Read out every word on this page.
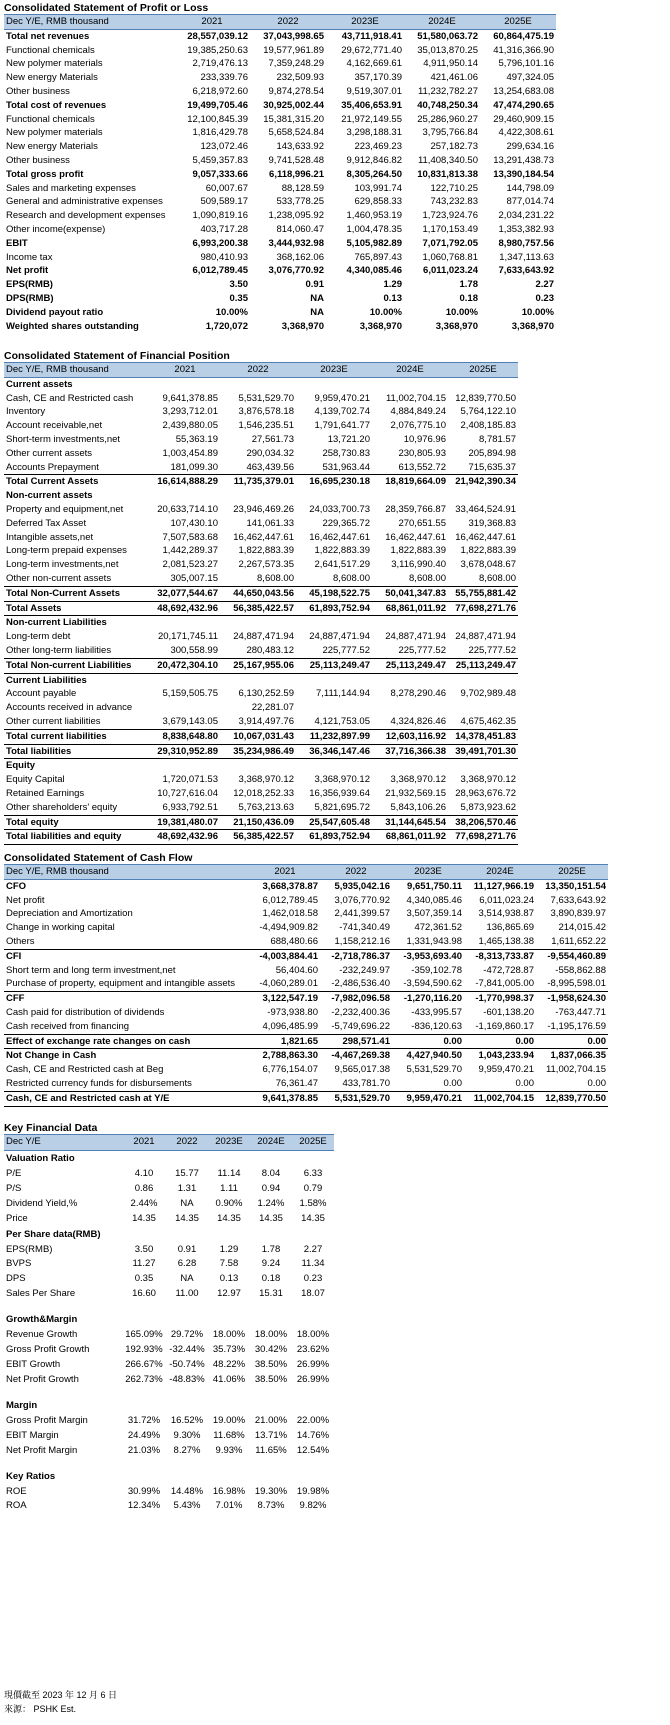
Consolidated Statement of Profit or Loss
Dec Y/E, RMB thousand	2021	2022	2023E	2024E	2025E
Total net revenues	28,557,039.12	37,043,998.65	43,711,918.41	51,580,063.72	60,864,475.19
Functional chemicals	19,385,250.63	19,577,961.89	29,672,771.40	35,013,870.25	41,316,366.90
New polymer materials	2,719,476.13	7,359,248.29	4,162,669.61	4,911,950.14	5,796,101.16
New energy Materials	233,339.76	232,509.93	357,170.39	421,461.06	497,324.05
Other business	6,218,972.60	9,874,278.54	9,519,307.01	11,232,782.27	13,254,683.08
Total cost of revenues	19,499,705.46	30,925,002.44	35,406,653.91	40,748,250.34	47,474,290.65
Functional chemicals	12,100,845.39	15,381,315.20	21,972,149.55	25,286,960.27	29,460,909.15
New polymer materials	1,816,429.78	5,658,524.84	3,298,188.31	3,795,766.84	4,422,308.61
New energy Materials	123,072.46	143,633.92	223,469.23	257,182.73	299,634.16
Other business	5,459,357.83	9,741,528.48	9,912,846.82	11,408,340.50	13,291,438.73
Total gross profit	9,057,333.66	6,118,996.21	8,305,264.50	10,831,813.38	13,390,184.54
Sales and marketing expenses	60,007.67	88,128.59	103,991.74	122,710.25	144,798.09
General and administrative expenses	509,589.17	533,778.25	629,858.33	743,232.83	877,014.74
Research and development expenses	1,090,819.16	1,238,095.92	1,460,953.19	1,723,924.76	2,034,231.22
Other income(expense)	403,717.28	814,060.47	1,004,478.35	1,170,153.49	1,353,382.93
EBIT	6,993,200.38	3,444,932.98	5,105,982.89	7,071,792.05	8,980,757.56
Income tax	980,410.93	368,162.06	765,897.43	1,060,768.81	1,347,113.63
Net profit	6,012,789.45	3,076,770.92	4,340,085.46	6,011,023.24	7,633,643.92
EPS(RMB)	3.50	0.91	1.29	1.78	2.27
DPS(RMB)	0.35	NA	0.13	0.18	0.23
Dividend payout ratio	10.00%	NA	10.00%	10.00%	10.00%
Weighted shares outstanding	1,720,072	3,368,970	3,368,970	3,368,970	3,368,970
Consolidated Statement of Financial Position
Dec Y/E, RMB thousand	2021	2022	2023E	2024E	2025E
Current assets					
Cash, CE and Restricted cash	9,641,378.85	5,531,529.70	9,959,470.21	11,002,704.15	12,839,770.50
Inventory	3,293,712.01	3,876,578.18	4,139,702.74	4,884,849.24	5,764,122.10
Account receivable,net	2,439,880.05	1,546,235.51	1,791,641.77	2,076,775.10	2,408,185.83
Short-term investments,net	55,363.19	27,561.73	13,721.20	10,976.96	8,781.57
Other current assets	1,003,454.89	290,034.32	258,730.83	230,805.93	205,894.98
Accounts Prepayment	181,099.30	463,439.56	531,963.44	613,552.72	715,635.37
Total Current Assets	16,614,888.29	11,735,379.01	16,695,230.18	18,819,664.09	21,942,390.34
Non-current assets					
Property and equipment,net	20,633,714.10	23,946,469.26	24,033,700.73	28,359,766.87	33,464,524.91
Deferred Tax Asset	107,430.10	141,061.33	229,365.72	270,651.55	319,368.83
Intangible assets,net	7,507,583.68	16,462,447.61	16,462,447.61	16,462,447.61	16,462,447.61
Long-term prepaid expenses	1,442,289.37	1,822,883.39	1,822,883.39	1,822,883.39	1,822,883.39
Long-term investments,net	2,081,523.27	2,267,573.35	2,641,517.29	3,116,990.40	3,678,048.67
Other non-current assets	305,007.15	8,608.00	8,608.00	8,608.00	8,608.00
Total Non-Current Assets	32,077,544.67	44,650,043.56	45,198,522.75	50,041,347.83	55,755,881.42
Total Assets	48,692,432.96	56,385,422.57	61,893,752.94	68,861,011.92	77,698,271.76
Non-current Liabilities					
Long-term debt	20,171,745.11	24,887,471.94	24,887,471.94	24,887,471.94	24,887,471.94
Other long-term liabilities	300,558.99	280,483.12	225,777.52	225,777.52	225,777.52
Total Non-current Liabilities	20,472,304.10	25,167,955.06	25,113,249.47	25,113,249.47	25,113,249.47
Current Liabilities					
Account payable	5,159,505.75	6,130,252.59	7,111,144.94	8,278,290.46	9,702,989.48
Accounts received in advance		22,281.07			
Other current liabilities	3,679,143.05	3,914,497.76	4,121,753.05	4,324,826.46	4,675,462.35
Total current liabilities	8,838,648.80	10,067,031.43	11,232,897.99	12,603,116.92	14,378,451.83
Total liabilities	29,310,952.89	35,234,986.49	36,346,147.46	37,716,366.38	39,491,701.30
Equity					
Equity Capital	1,720,071.53	3,368,970.12	3,368,970.12	3,368,970.12	3,368,970.12
Retained Earnings	10,727,616.04	12,018,252.33	16,356,939.64	21,932,569.15	28,963,676.72
Other shareholders' equity	6,933,792.51	5,763,213.63	5,821,695.72	5,843,106.26	5,873,923.62
Total equity	19,381,480.07	21,150,436.09	25,547,605.48	31,144,645.54	38,206,570.46
Total liabilities and equity	48,692,432.96	56,385,422.57	61,893,752.94	68,861,011.92	77,698,271.76
Consolidated Statement of Cash Flow
Dec Y/E, RMB thousand	2021	2022	2023E	2024E	2025E
CFO	3,668,378.87	5,935,042.16	9,651,750.11	11,127,966.19	13,350,151.54
Net profit	6,012,789.45	3,076,770.92	4,340,085.46	6,011,023.24	7,633,643.92
Depreciation and Amortization	1,462,018.58	2,441,399.57	3,507,359.14	3,514,938.87	3,890,839.97
Change in working capital	-4,494,909.82	-741,340.49	472,361.52	136,865.69	214,015.42
Others	688,480.66	1,158,212.16	1,331,943.98	1,465,138.38	1,611,652.22
CFI	-4,003,884.41	-2,718,786.37	-3,953,693.40	-8,313,733.87	-9,554,460.89
Short term and long term investment,net	56,404.60	-232,249.97	-359,102.78	-472,728.87	-558,862.88
Purchase of property, equipment and intangible assets	-4,060,289.01	-2,486,536.40	-3,594,590.62	-7,841,005.00	-8,995,598.01
CFF	3,122,547.19	-7,982,096.58	-1,270,116.20	-1,770,998.37	-1,958,624.30
Cash paid for distribution of dividends	-973,938.80	-2,232,400.36	-433,995.57	-601,138.20	-763,447.71
Cash received from financing	4,096,485.99	-5,749,696.22	-836,120.63	-1,169,860.17	-1,195,176.59
Effect of exchange rate changes on cash	1,821.65	298,571.41	0.00	0.00	0.00
Not Change in Cash	2,788,863.30	-4,467,269.38	4,427,940.50	1,043,233.94	1,837,066.35
Cash, CE and Restricted cash at Beg	6,776,154.07	9,565,017.38	5,531,529.70	9,959,470.21	11,002,704.15
Restricted currency funds for disbursements	76,361.47	433,781.70	0.00	0.00	0.00
Cash, CE and Restricted cash at Y/E	9,641,378.85	5,531,529.70	9,959,470.21	11,002,704.15	12,839,770.50
Key Financial Data
Dec Y/E	2021	2022	2023E	2024E	2025E
Valuation Ratio					
P/E	4.10	15.77	11.14	8.04	6.33
P/S	0.86	1.31	1.11	0.94	0.79
Dividend Yield,%	2.44%	NA	0.90%	1.24%	1.58%
Price	14.35	14.35	14.35	14.35	14.35
Per Share data(RMB)					
EPS(RMB)	3.50	0.91	1.29	1.78	2.27
BVPS	11.27	6.28	7.58	9.24	11.34
DPS	0.35	NA	0.13	0.18	0.23
Sales Per Share	16.60	11.00	12.97	15.31	18.07

Growth&Margin					
Revenue Growth	165.09%	29.72%	18.00%	18.00%	18.00%
Gross Profit Growth	192.93%	-32.44%	35.73%	30.42%	23.62%
EBIT Growth	266.67%	-50.74%	48.22%	38.50%	26.99%
Net Profit Growth	262.73%	-48.83%	41.06%	38.50%	26.99%

Margin					
Gross Profit Margin	31.72%	16.52%	19.00%	21.00%	22.00%
EBIT Margin	24.49%	9.30%	11.68%	13.71%	14.76%
Net Profit Margin	21.03%	8.27%	9.93%	11.65%	12.54%

Key Ratios					
ROE	30.99%	14.48%	16.98%	19.30%	19.98%
ROA	12.34%	5.43%	7.01%	8.73%	9.82%
現價截至 2023 年 12 月 6 日
來源： PSHK Est.
